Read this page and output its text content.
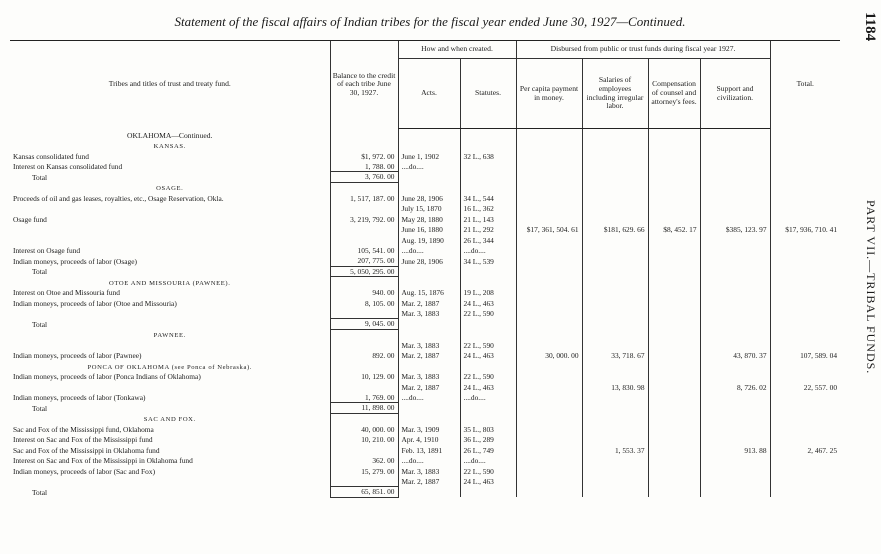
Statement of the fiscal affairs of Indian tribes for the fiscal year ended June 30, 1927—Continued.	1184
PART VII.—TRIBAL FUNDS.
Tribes and titles of trust and treaty fund.	Balance to the credit of each tribe June 30, 1927.	How and when created.		Disbursed from public or trust funds during fiscal year 1927.				Total.
		Acts.	Statutes.	Per capita payment in money.	Salaries of employees including irregular labor.	Compensation of counsel and attorney's fees.	Support and civilization.	
OKLAHOMA—Continued.								
KANSAS.								
Kansas consolidated fund	$1, 972. 00	June 1, 1902	32 L., 638					
Interest on Kansas consolidated fund	1, 788. 00	....do....						
Total	3, 760. 00							
OSAGE.								
Proceeds of oil and gas leases, royalties, etc., Osage Reservation, Okla.	1, 517, 187. 00	June 28, 1906	34 L., 544					
		July 15, 1870	16 L., 362					
Osage fund	3, 219, 792. 00	May 28, 1880	21 L., 143					
		June 16, 1880	21 L., 292	$17, 361, 504. 61	$181, 629. 66	$8, 452. 17	$385, 123. 97	$17, 936, 710. 41
		Aug. 19, 1890	26 L., 344					
Interest on Osage fund	105, 541. 00	....do....	....do....					
Indian moneys, proceeds of labor (Osage)	207, 775. 00	June 28, 1906	34 L., 539					
Total	5, 050, 295. 00							
OTOE AND MISSOURIA (PAWNEE).								
Interest on Otoe and Missouria fund	940. 00	Aug. 15, 1876	19 L., 208					
Indian moneys, proceeds of labor (Otoe and Missouria)	8, 105. 00	Mar. 2, 1887	24 L., 463					
		Mar. 3, 1883	22 L., 590					
Total	9, 045. 00							
PAWNEE.								
		Mar. 3, 1883	22 L., 590					
Indian moneys, proceeds of labor (Pawnee)	892. 00	Mar. 2, 1887	24 L., 463	30, 000. 00	33, 718. 67		43, 870. 37	107, 589. 04
PONCA OF OKLAHOMA (see Ponca of Nebraska).								
Indian moneys, proceeds of labor (Ponca Indians of Oklahoma)	10, 129. 00	Mar. 3, 1883	22 L., 590					
		Mar. 2, 1887	24 L., 463		13, 830. 98		8, 726. 02	22, 557. 00
Indian moneys, proceeds of labor (Tonkawa)	1, 769. 00	....do....	....do....					
Total	11, 898. 00							
SAC AND FOX.								
Sac and Fox of the Mississippi fund, Oklahoma	40, 000. 00	Mar. 3, 1909	35 L., 803					
Interest on Sac and Fox of the Mississippi fund	10, 210. 00	Apr. 4, 1910	36 L., 289					
Sac and Fox of the Mississippi in Oklahoma fund		Feb. 13, 1891	26 L., 749		1, 553. 37		913. 88	2, 467. 25
Interest on Sac and Fox of the Mississippi in Oklahoma fund	362. 00	....do....	....do....					
Indian moneys, proceeds of labor (Sac and Fox)	15, 279. 00	Mar. 3, 1883	22 L., 590					
		Mar. 2, 1887	24 L., 463					
Total	65, 851. 00							
